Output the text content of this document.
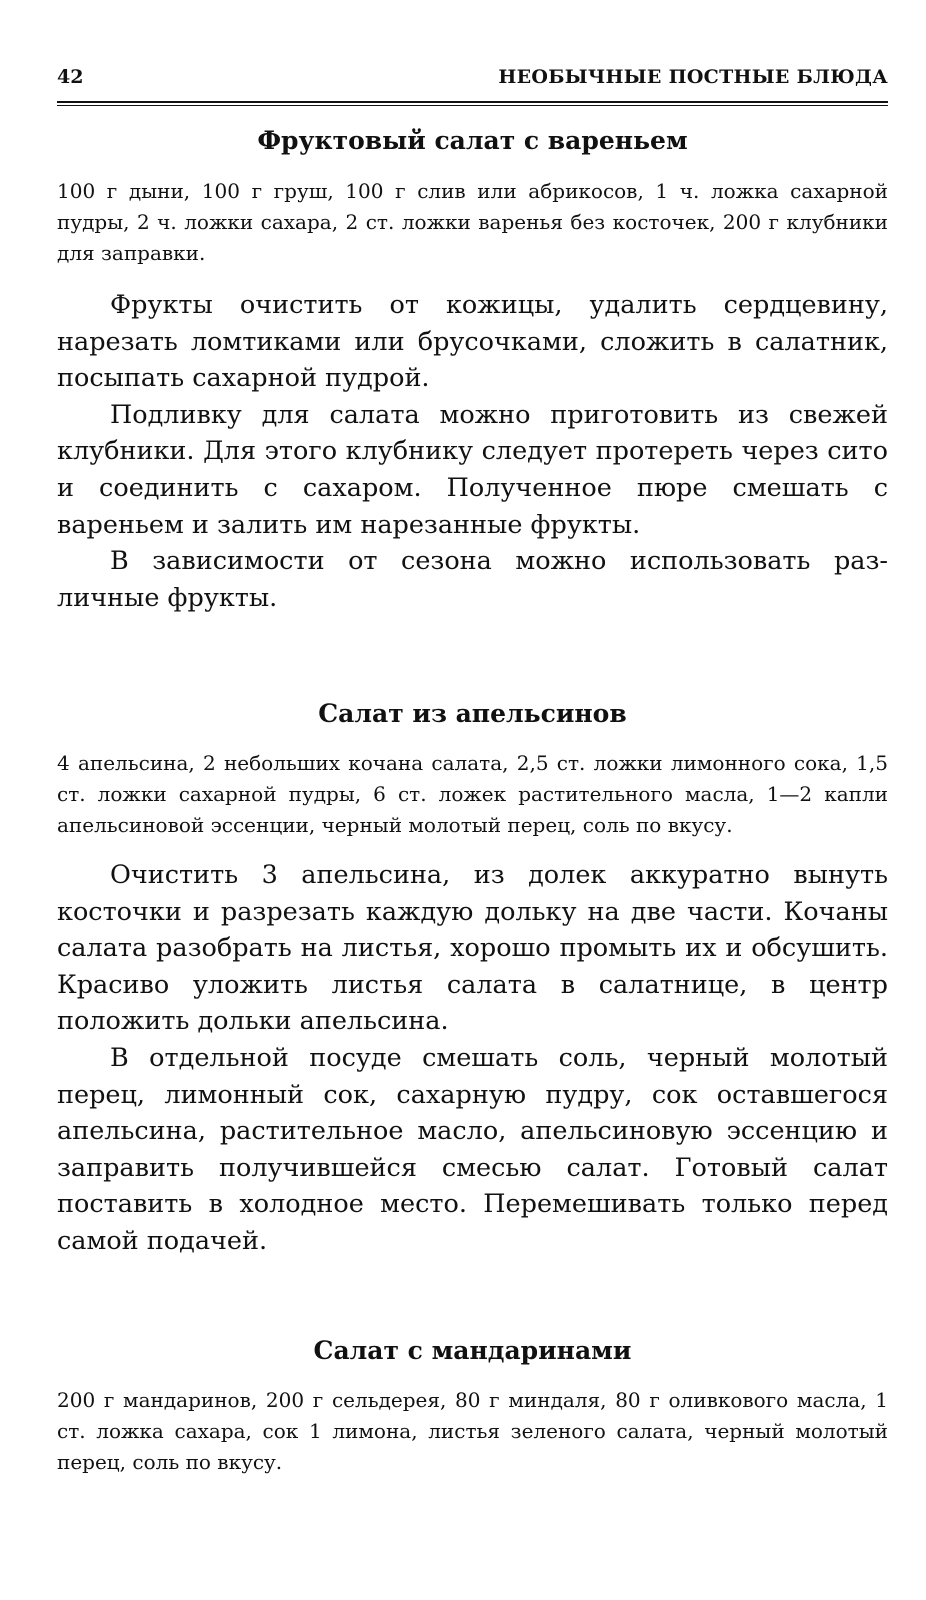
42	НЕОБЫЧНЫЕ ПОСТНЫЕ БЛЮДА
Фруктовый салат с вареньем

100 г дыни, 100 г груш, 100 г слив или абрикосов, 1 ч. ложка сахарной пудры, 2 ч. ложки сахара, 2 ст. ложки варенья без косточек, 200 г клубники для заправки.

Фрукты очистить от кожицы, удалить сердцевину, нарезать ломтиками или брусочками, сложить в салатник, посыпать сахарной пудрой.

Подливку для салата можно приготовить из свежей клубники. Для этого клубнику следует протереть через сито и соединить с сахаром. Полученное пюре смешать с вареньем и залить им нарезанные фрукты.

В зависимости от сезона можно использовать различные фрукты.

Салат из апельсинов

4 апельсина, 2 небольших кочана салата, 2,5 ст. ложки лимонного сока, 1,5 ст. ложки сахарной пудры, 6 ст. ложек растительного масла, 1—2 капли апельсиновой эссенции, черный молотый перец, соль по вкусу.

Очистить 3 апельсина, из долек аккуратно вынуть косточки и разрезать каждую дольку на две части. Кочаны салата разобрать на листья, хорошо промыть их и обсушить. Красиво уложить листья салата в салатнице, в центр положить дольки апельсина.

В отдельной посуде смешать соль, черный молотый перец, лимонный сок, сахарную пудру, сок оставшегося апельсина, растительное масло, апельсиновую эссенцию и заправить получившейся смесью салат. Готовый салат поставить в холодное место. Перемешивать только перед самой подачей.

Салат с мандаринами

200 г мандаринов, 200 г сельдерея, 80 г миндаля, 80 г оливкового масла, 1 ст. ложка сахара, сок 1 лимона, листья зеленого салата, черный молотый перец, соль по вкусу.
